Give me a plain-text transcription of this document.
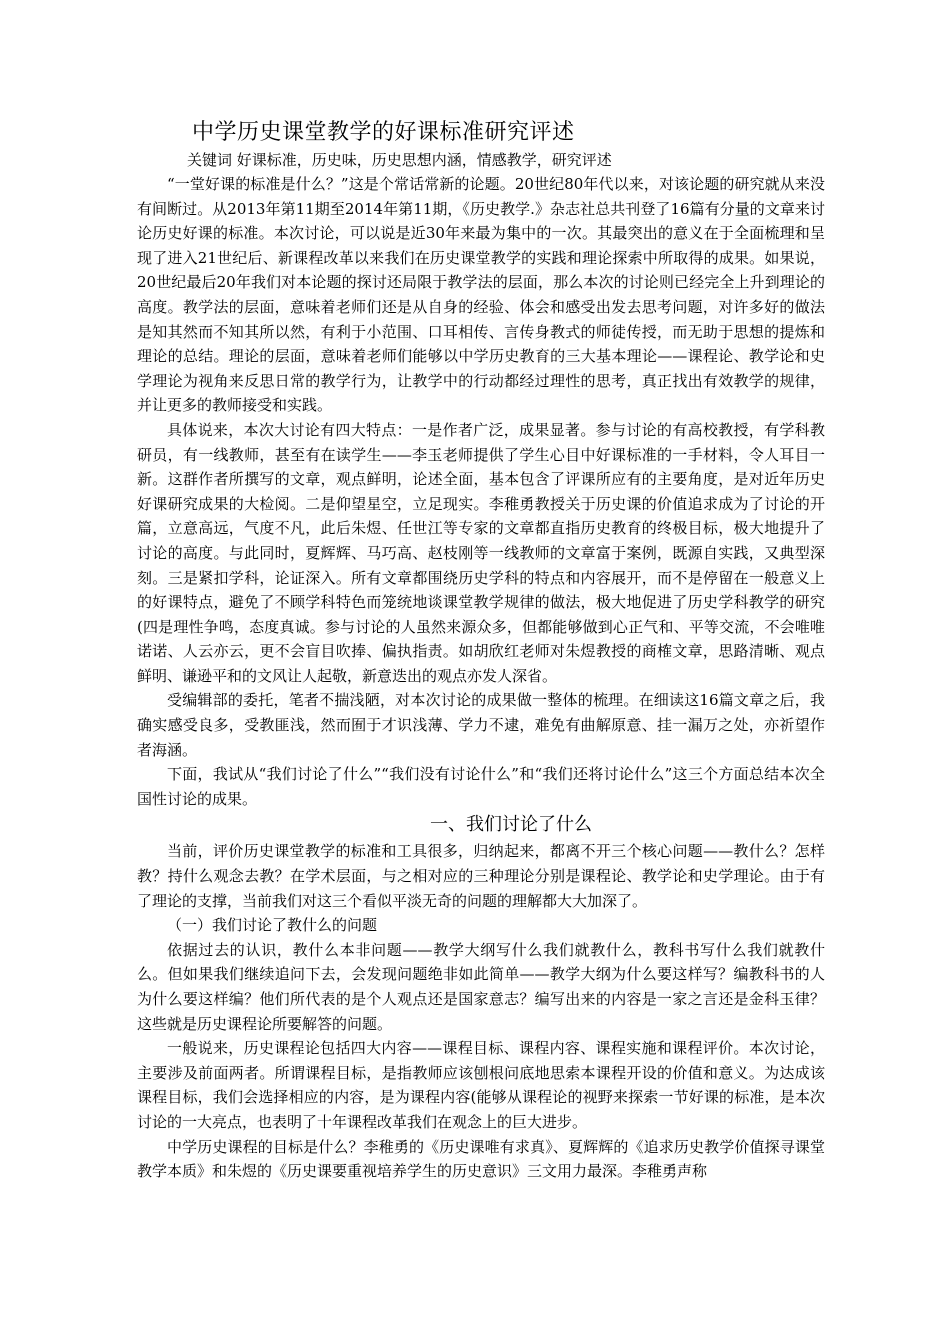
中学历史课堂教学的好课标准研究评述

关键词 好课标准，历史味，历史思想内涵，情感教学，研究评述

“一堂好课的标准是什么？”这是个常话常新的论题。20世纪80年代以来，对该论题的研究就从来没有间断过。从2013年第11期至2014年第11期，《历史教学.》杂志社总共刊登了16篇有分量的文章来讨论历史好课的标准。本次讨论，可以说是近30年来最为集中的一次。其最突出的意义在于全面梳理和呈现了进入21世纪后、新课程改革以来我们在历史课堂教学的实践和理论探索中所取得的成果。如果说，20世纪最后20年我们对本论题的探讨还局限于教学法的层面，那么本次的讨论则已经完全上升到理论的高度。教学法的层面，意味着老师们还是从自身的经验、体会和感受出发去思考问题，对许多好的做法是知其然而不知其所以然，有利于小范围、口耳相传、言传身教式的师徒传授，而无助于思想的提炼和理论的总结。理论的层面，意味着老师们能够以中学历史教育的三大基本理论——课程论、教学论和史学理论为视角来反思日常的教学行为，让教学中的行动都经过理性的思考，真正找出有效教学的规律，并让更多的教师接受和实践。

具体说来，本次大讨论有四大特点：一是作者广泛，成果显著。参与讨论的有高校教授，有学科教研员，有一线教师，甚至有在读学生——李玉老师提供了学生心目中好课标准的一手材料，令人耳目一新。这群作者所撰写的文章，观点鲜明，论述全面，基本包含了评课所应有的主要角度，是对近年历史好课研究成果的大检阅。二是仰望星空，立足现实。李稚勇教授关于历史课的价值追求成为了讨论的开篇，立意高远，气度不凡，此后朱煜、任世江等专家的文章都直指历史教育的终极目标，极大地提升了讨论的高度。与此同时，夏辉辉、马巧高、赵枝刚等一线教师的文章富于案例，既源自实践，又典型深刻。三是紧扣学科，论证深入。所有文章都围绕历史学科的特点和内容展开，而不是停留在一般意义上的好课特点，避免了不顾学科特色而笼统地谈课堂教学规律的做法，极大地促进了历史学科教学的研究(四是理性争鸣，态度真诚。参与讨论的人虽然来源众多，但都能够做到心正气和、平等交流，不会唯唯诺诺、人云亦云，更不会盲目吹捧、偏执指责。如胡欣红老师对朱煜教授的商榷文章，思路清晰、观点鲜明、谦逊平和的文风让人起敬，新意迭出的观点亦发人深省。

受编辑部的委托，笔者不揣浅陋，对本次讨论的成果做一整体的梳理。在细读这16篇文章之后，我确实感受良多，受教匪浅，然而囿于才识浅薄、学力不逮，难免有曲解原意、挂一漏万之处，亦祈望作者海涵。

下面，我试从“我们讨论了什么”“我们没有讨论什么”和“我们还将讨论什么”这三个方面总结本次全国性讨论的成果。

一、我们讨论了什么

当前，评价历史课堂教学的标准和工具很多，归纳起来，都离不开三个核心问题——教什么？怎样教？持什么观念去教？在学术层面，与之相对应的三种理论分别是课程论、教学论和史学理论。由于有了理论的支撑，当前我们对这三个看似平淡无奇的问题的理解都大大加深了。

（一）我们讨论了教什么的问题

依据过去的认识，教什么本非问题——教学大纲写什么我们就教什么，教科书写什么我们就教什么。但如果我们继续追问下去，会发现问题绝非如此简单——教学大纲为什么要这样写？编教科书的人为什么要这样编？他们所代表的是个人观点还是国家意志？编写出来的内容是一家之言还是金科玉律？这些就是历史课程论所要解答的问题。

一般说来，历史课程论包括四大内容——课程目标、课程内容、课程实施和课程评价。本次讨论，主要涉及前面两者。所谓课程目标，是指教师应该刨根问底地思索本课程开设的价值和意义。为达成该课程目标，我们会选择相应的内容，是为课程内容(能够从课程论的视野来探索一节好课的标准，是本次讨论的一大亮点，也表明了十年课程改革我们在观念上的巨大进步。

中学历史课程的目标是什么？李稚勇的《历史课唯有求真》、夏辉辉的《追求历史教学价值探寻课堂教学本质》和朱煜的《历史课要重视培养学生的历史意识》三文用力最深。李稚勇声称
